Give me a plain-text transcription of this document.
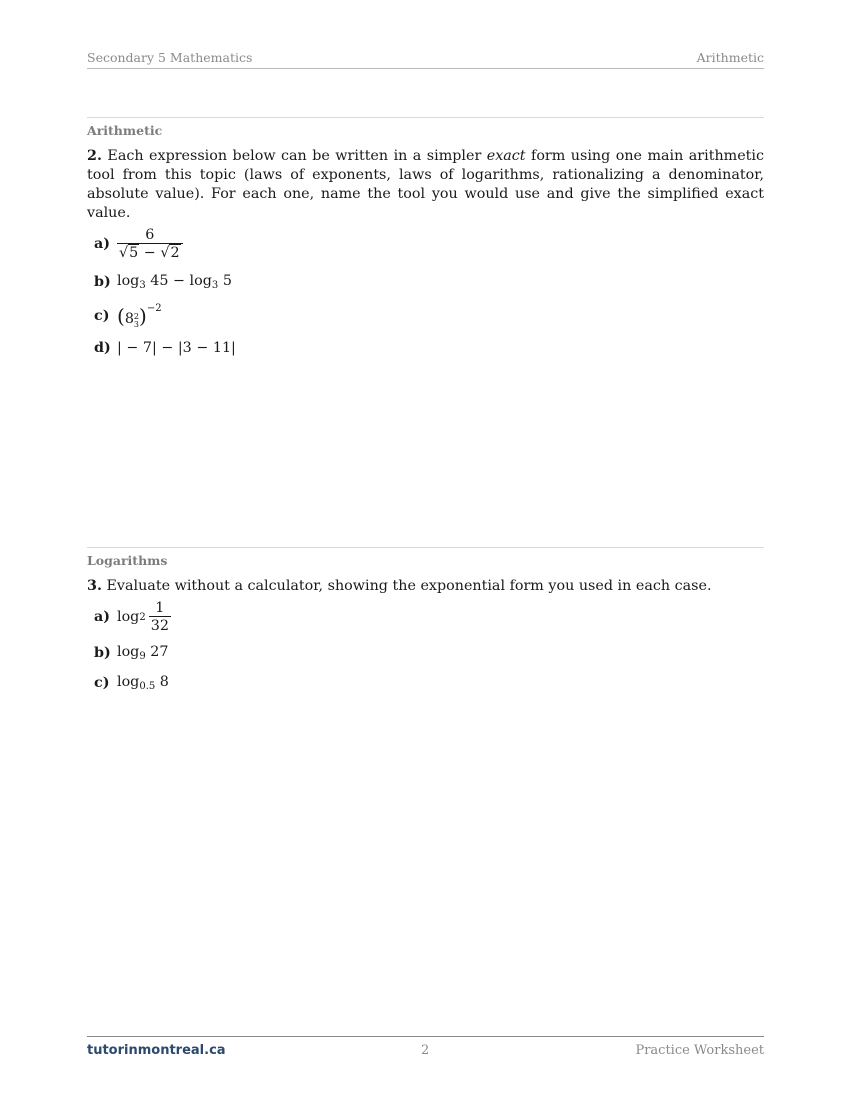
Secondary 5 Mathematics	Arithmetic
Arithmetic
2. Each expression below can be written in a simpler exact form using one main arithmetic tool from this topic (laws of exponents, laws of logarithms, rationalizing a denominator, absolute value). For each one, name the tool you would use and give the simplified exact value.
$a) \frac{6}{√5 - √2}$
b) $\log_3 45 - \log_3 5$
c) (8 2
3 )$^{-2}$
d) | − 7| − |3 − 11|
Logarithms
3. Evaluate without a calculator, showing the exponential form you used in each case.
a) $\log 2 \frac{1}{32}$
b) $\log_9 27$
c) $\log_{0.5} 8$
tutorinmontreal.ca	2	Practice Worksheet
